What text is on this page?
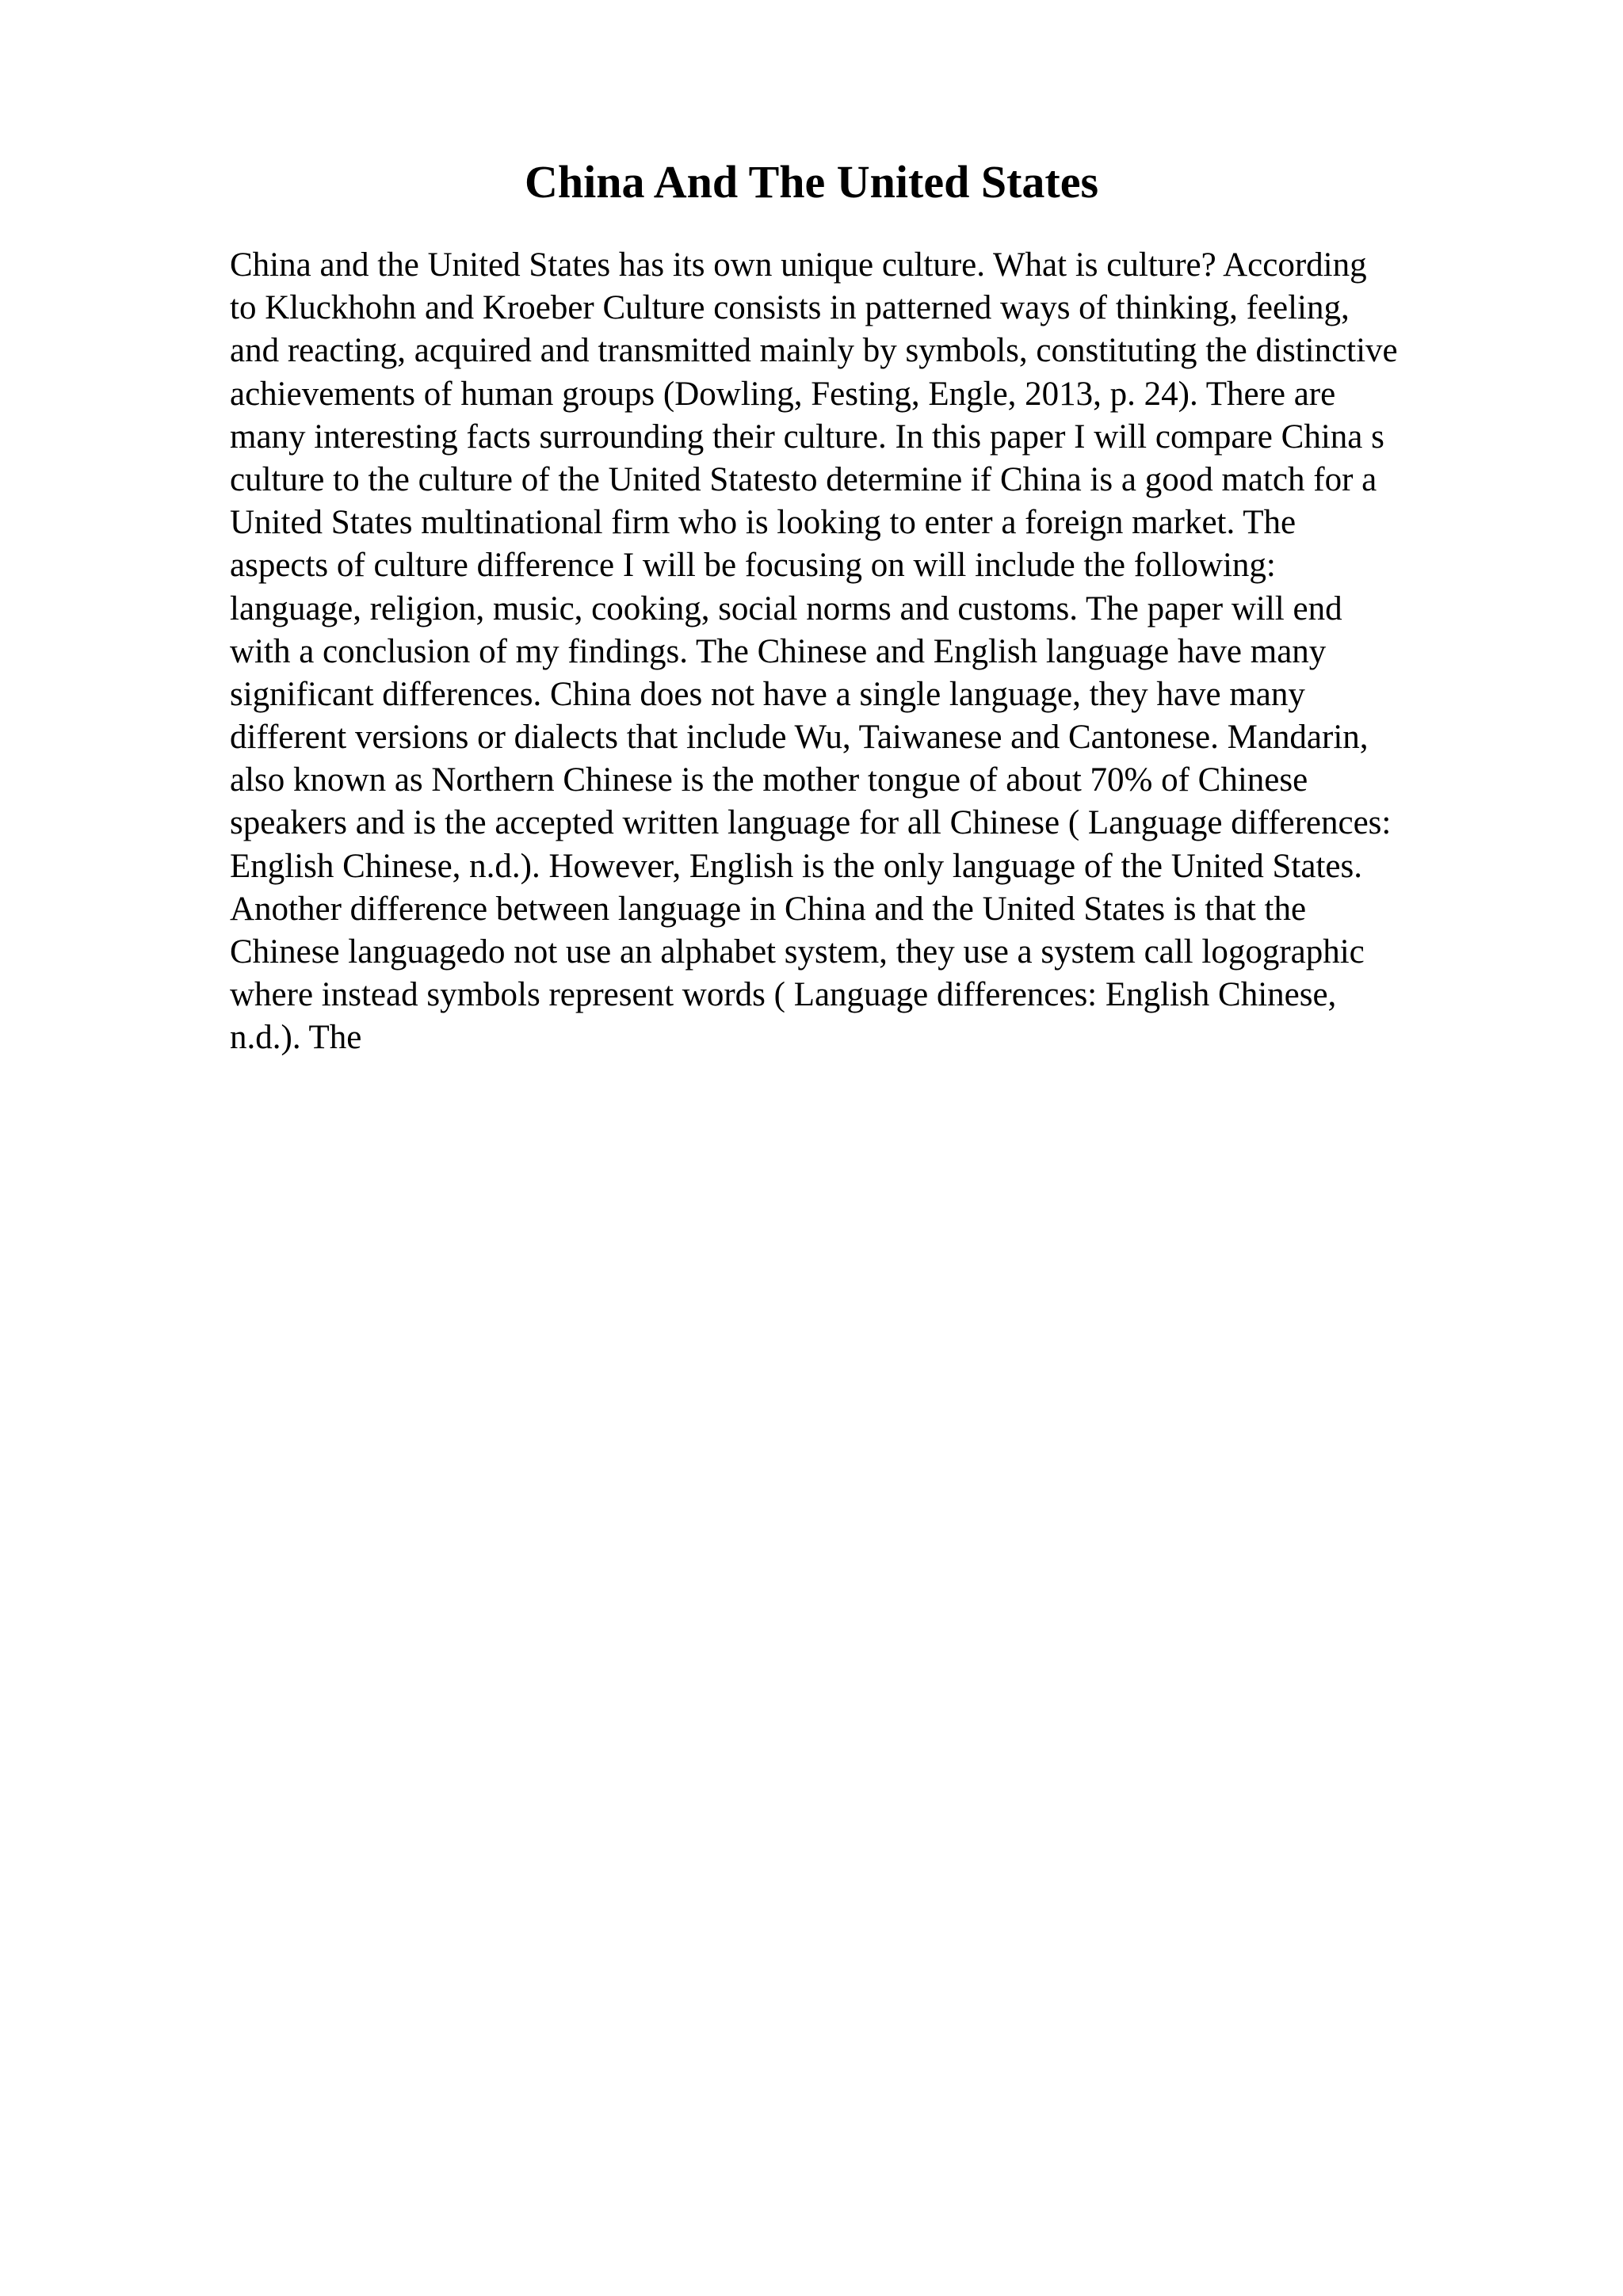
China And The United States
China and the United States has its own unique culture. What is culture? According
to Kluckhohn and Kroeber Culture consists in patterned ways of thinking, feeling,
and reacting, acquired and transmitted mainly by symbols, constituting the distinctive
achievements of human groups (Dowling, Festing, Engle, 2013, p. 24). There are
many interesting facts surrounding their culture. In this paper I will compare China s
culture to the culture of the United Statesto determine if China is a good match for a
United States multinational firm who is looking to enter a foreign market. The
aspects of culture difference I will be focusing on will include the following:
language, religion, music, cooking, social norms and customs. The paper will end
with a conclusion of my findings. The Chinese and English language have many
significant differences. China does not have a single language, they have many
different versions or dialects that include Wu, Taiwanese and Cantonese. Mandarin,
also known as Northern Chinese is the mother tongue of about 70% of Chinese
speakers and is the accepted written language for all Chinese ( Language differences:
English Chinese, n.d.). However, English is the only language of the United States.
Another difference between language in China and the United States is that the
Chinese languagedo not use an alphabet system, they use a system call logographic
where instead symbols represent words ( Language differences: English Chinese,
n.d.). The
